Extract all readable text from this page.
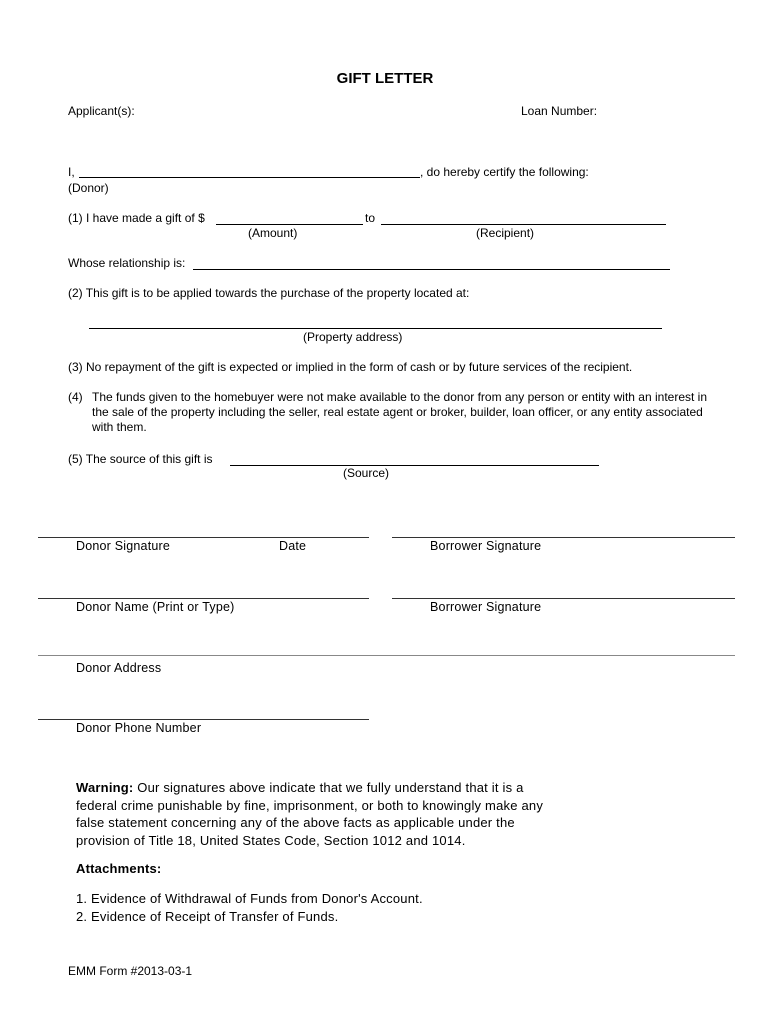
GIFT LETTER
Applicant(s):	Loan Number:
I,	, do hereby certify the following:
(Donor)
(1) I have made a gift of $	to
(Amount)	(Recipient)
Whose relationship is:
(2) This gift is to be applied towards the purchase of the property located at:
(Property address)
(3) No repayment of the gift is expected or implied in the form of cash or by future services of the recipient.
(4) The funds given to the homebuyer were not make available to the donor from any person or entity with an interest in the sale of the property including the seller, real estate agent or broker, builder, loan officer, or any entity associated with them.
(5) The source of this gift is
(Source)
Donor Signature	Date	Borrower Signature
Donor Name (Print or Type)	Borrower Signature
Donor Address
Donor Phone Number
Warning: Our signatures above indicate that we fully understand that it is a federal crime punishable by fine, imprisonment, or both to knowingly make any false statement concerning any of the above facts as applicable under the provision of Title 18, United States Code, Section 1012 and 1014.
Attachments:
1. Evidence of Withdrawal of Funds from Donor's Account.
2. Evidence of Receipt of Transfer of Funds.
EMM Form #2013-03-1
